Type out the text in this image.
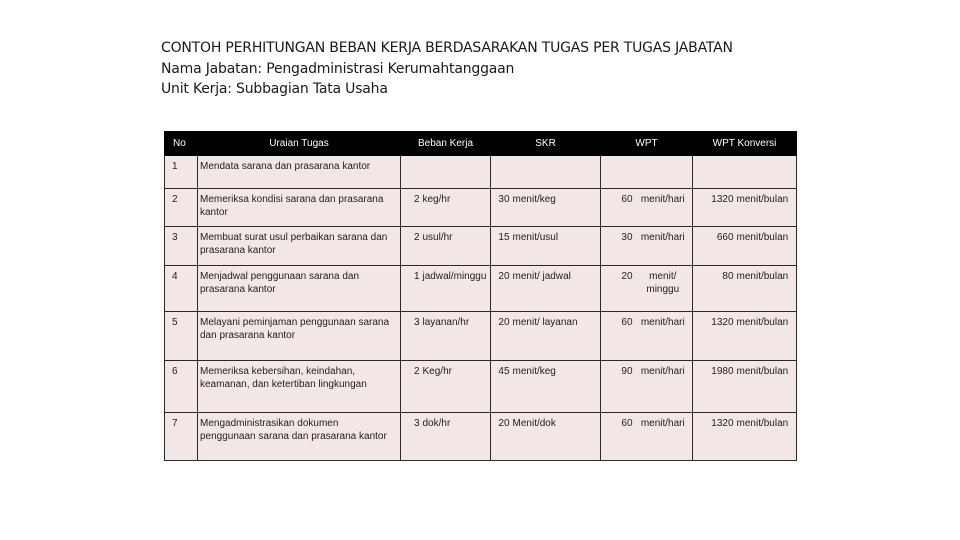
CONTOH PERHITUNGAN BEBAN KERJA BERDASARAKAN TUGAS PER TUGAS JABATAN
Nama Jabatan: Pengadministrasi Kerumahtanggaan
Unit Kerja: Subbagian Tata Usaha
No	Uraian Tugas	Beban Kerja		SKR		WPT		WPT Konversi	

1	Mendata sarana dan prasarana kantor								

2	Memeriksa kondisi sarana dan prasarana kantor	2	keg/hr	30	menit/keg	60	menit/hari	1320	menit/bulan

3	Membuat surat usul perbaikan sarana dan prasarana kantor	2	usul/hr	15	menit/usul	30	menit/hari	660	menit/bulan

4	Menjadwal penggunaan sarana dan prasarana kantor	1	jadwal/minggu	20	menit/ jadwal	20	menit/ minggu	80	menit/bulan

5	Melayani peminjaman penggunaan sarana dan prasarana kantor	3	layanan/hr	20	menit/ layanan	60	menit/hari	1320	menit/bulan

6	Memeriksa kebersihan, keindahan, keamanan, dan ketertiban lingkungan	2	Keg/hr	45	menit/keg	90	menit/hari	1980	menit/bulan

7	Mengadministrasikan dokumen penggunaan sarana dan prasarana kantor	3	dok/hr	20	Menit/dok	60	menit/hari	1320	menit/bulan
